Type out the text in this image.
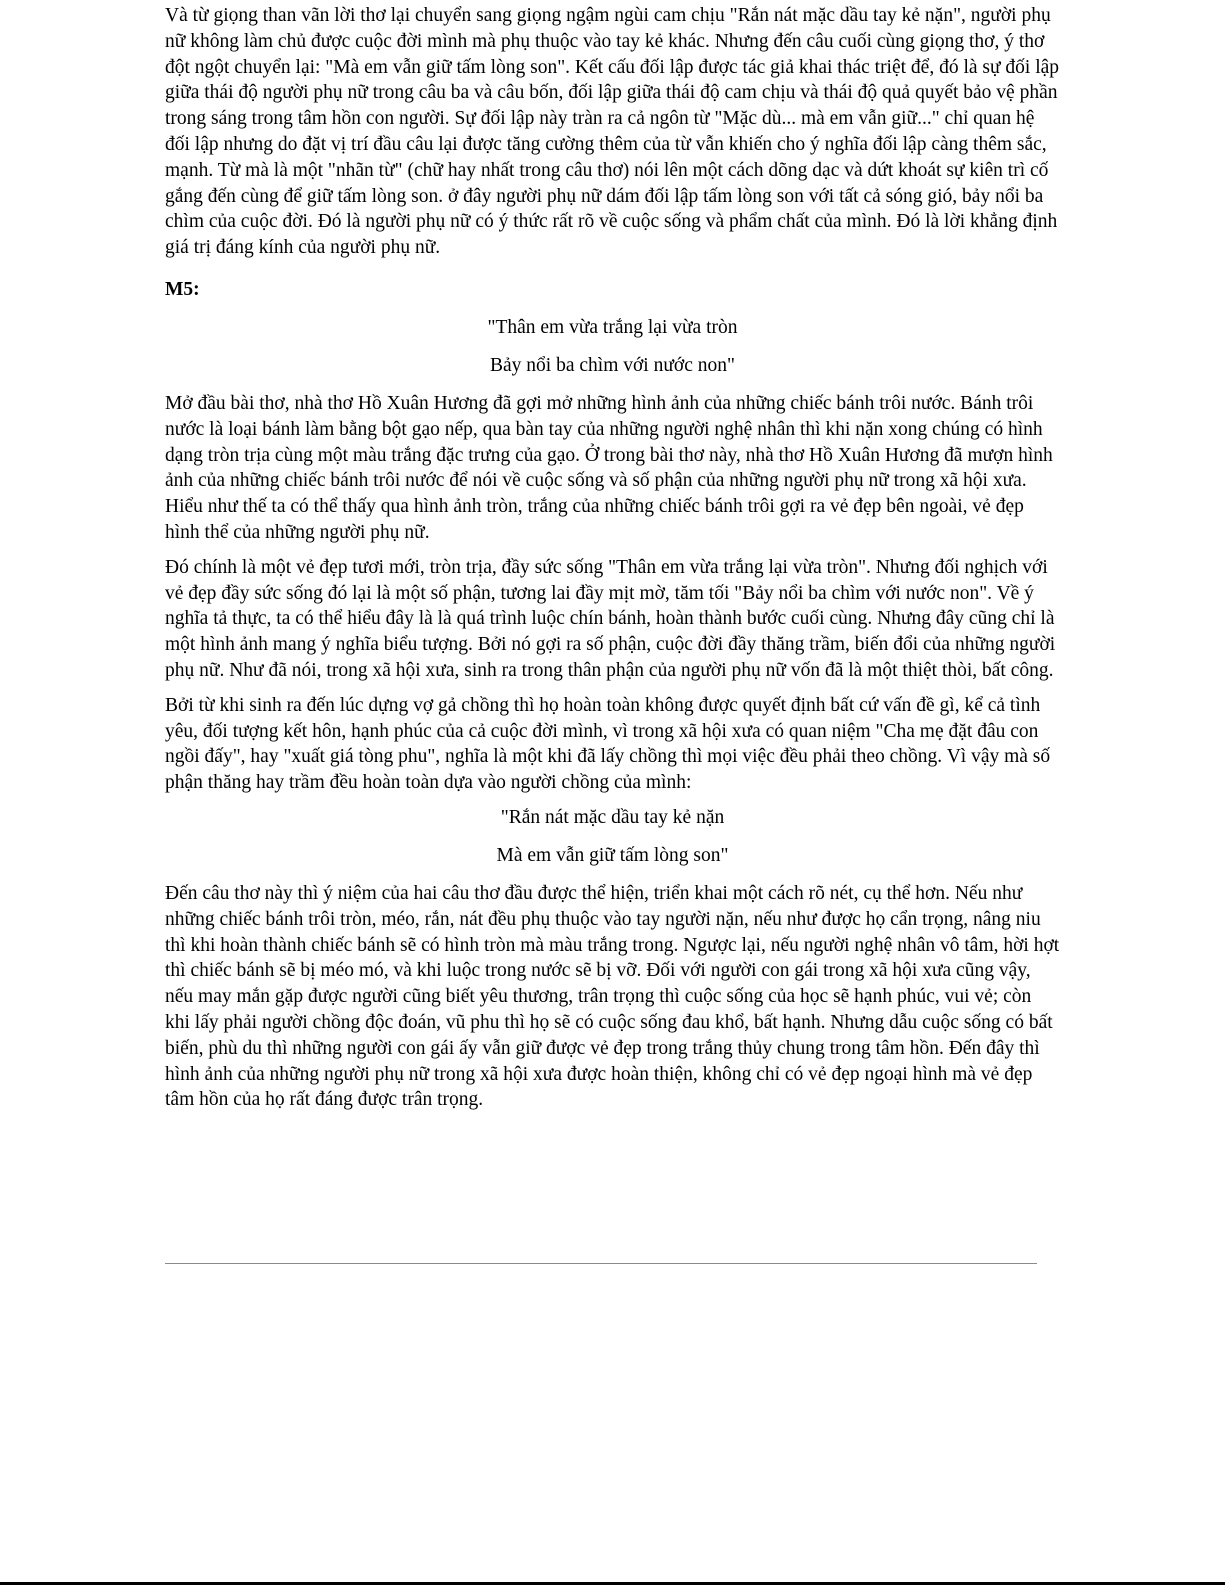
Và từ giọng than vãn lời thơ lại chuyển sang giọng ngậm ngùi cam chịu "Rắn nát mặc dầu tay kẻ nặn", người phụ nữ không làm chủ được cuộc đời mình mà phụ thuộc vào tay kẻ khác. Nhưng đến câu cuối cùng giọng thơ, ý thơ đột ngột chuyển lại: "Mà em vẫn giữ tấm lòng son". Kết cấu đối lập được tác giả khai thác triệt để, đó là sự đối lập giữa thái độ người phụ nữ trong câu ba và câu bốn, đối lập giữa thái độ cam chịu và thái độ quả quyết bảo vệ phần trong sáng trong tâm hồn con người. Sự đối lập này tràn ra cả ngôn từ "Mặc dù... mà em vẫn giữ..." chỉ quan hệ đối lập nhưng do đặt vị trí đầu câu lại được tăng cường thêm của từ vẫn khiến cho ý nghĩa đối lập càng thêm sắc, mạnh. Từ mà là một "nhãn từ" (chữ hay nhất trong câu thơ) nói lên một cách dõng dạc và dứt khoát sự kiên trì cố gắng đến cùng để giữ tấm lòng son. ở đây người phụ nữ dám đối lập tấm lòng son với tất cả sóng gió, bảy nổi ba chìm của cuộc đời. Đó là người phụ nữ có ý thức rất rõ về cuộc sống và phẩm chất của mình. Đó là lời khẳng định giá trị đáng kính của người phụ nữ.

M5:
"Thân em vừa trắng lại vừa tròn
Bảy nổi ba chìm với nước non"

Mở đầu bài thơ, nhà thơ Hồ Xuân Hương đã gợi mở những hình ảnh của những chiếc bánh trôi nước. Bánh trôi nước là loại bánh làm bằng bột gạo nếp, qua bàn tay của những người nghệ nhân thì khi nặn xong chúng có hình dạng tròn trịa cùng một màu trắng đặc trưng của gạo. Ở trong bài thơ này, nhà thơ Hồ Xuân Hương đã mượn hình ảnh của những chiếc bánh trôi nước để nói về cuộc sống và số phận của những người phụ nữ trong xã hội xưa. Hiểu như thế ta có thể thấy qua hình ảnh tròn, trắng của những chiếc bánh trôi gợi ra vẻ đẹp bên ngoài, vẻ đẹp hình thể của những người phụ nữ.

Đó chính là một vẻ đẹp tươi mới, tròn trịa, đầy sức sống "Thân em vừa trắng lại vừa tròn". Nhưng đối nghịch với vẻ đẹp đầy sức sống đó lại là một số phận, tương lai đầy mịt mờ, tăm tối "Bảy nổi ba chìm với nước non". Về ý nghĩa tả thực, ta có thể hiểu đây là là quá trình luộc chín bánh, hoàn thành bước cuối cùng. Nhưng đây cũng chỉ là một hình ảnh mang ý nghĩa biểu tượng. Bởi nó gợi ra số phận, cuộc đời đầy thăng trầm, biến đổi của những người phụ nữ. Như đã nói, trong xã hội xưa, sinh ra trong thân phận của người phụ nữ vốn đã là một thiệt thòi, bất công.

Bởi từ khi sinh ra đến lúc dựng vợ gả chồng thì họ hoàn toàn không được quyết định bất cứ vấn đề gì, kể cả tình yêu, đối tượng kết hôn, hạnh phúc của cả cuộc đời mình, vì trong xã hội xưa có quan niệm "Cha mẹ đặt đâu con ngồi đấy", hay "xuất giá tòng phu", nghĩa là một khi đã lấy chồng thì mọi việc đều phải theo chồng. Vì vậy mà số phận thăng hay trầm đều hoàn toàn dựa vào người chồng của mình:

"Rắn nát mặc dầu tay kẻ nặn
Mà em vẫn giữ tấm lòng son"

Đến câu thơ này thì ý niệm của hai câu thơ đầu được thể hiện, triển khai một cách rõ nét, cụ thể hơn. Nếu như những chiếc bánh trôi tròn, méo, rắn, nát đều phụ thuộc vào tay người nặn, nếu như được họ cẩn trọng, nâng niu thì khi hoàn thành chiếc bánh sẽ có hình tròn mà màu trắng trong. Ngược lại, nếu người nghệ nhân vô tâm, hời hợt thì chiếc bánh sẽ bị méo mó, và khi luộc trong nước sẽ bị vỡ. Đối với người con gái trong xã hội xưa cũng vậy, nếu may mắn gặp được người cũng biết yêu thương, trân trọng thì cuộc sống của học sẽ hạnh phúc, vui vẻ; còn khi lấy phải người chồng độc đoán, vũ phu thì họ sẽ có cuộc sống đau khổ, bất hạnh. Nhưng dẫu cuộc sống có bất biến, phù du thì những người con gái ấy vẫn giữ được vẻ đẹp trong trắng thủy chung trong tâm hồn. Đến đây thì hình ảnh của những người phụ nữ trong xã hội xưa được hoàn thiện, không chỉ có vẻ đẹp ngoại hình mà vẻ đẹp tâm hồn của họ rất đáng được trân trọng.
